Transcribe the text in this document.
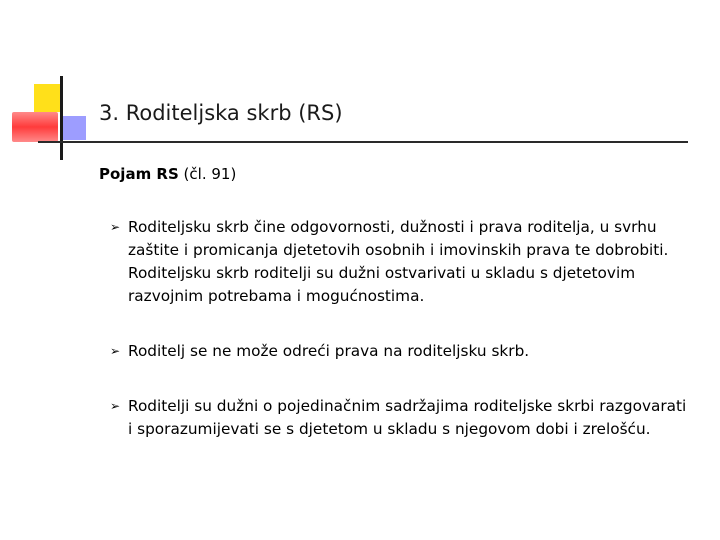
3. Roditeljska skrb (RS)
Pojam RS (čl. 91)
➢ Roditeljsku skrb čine odgovornosti, dužnosti i prava roditelja, u svrhu zaštite i promicanja djetetovih osobnih i imovinskih prava te dobrobiti. Roditeljsku skrb roditelji su dužni ostvarivati u skladu s djetetovim razvojnim potrebama i mogućnostima.
➢ Roditelj se ne može odreći prava na roditeljsku skrb.
➢ Roditelji su dužni o pojedinačnim sadržajima roditeljske skrbi razgovarati i sporazumijevati se s djetetom u skladu s njegovom dobi i zrelošću.
